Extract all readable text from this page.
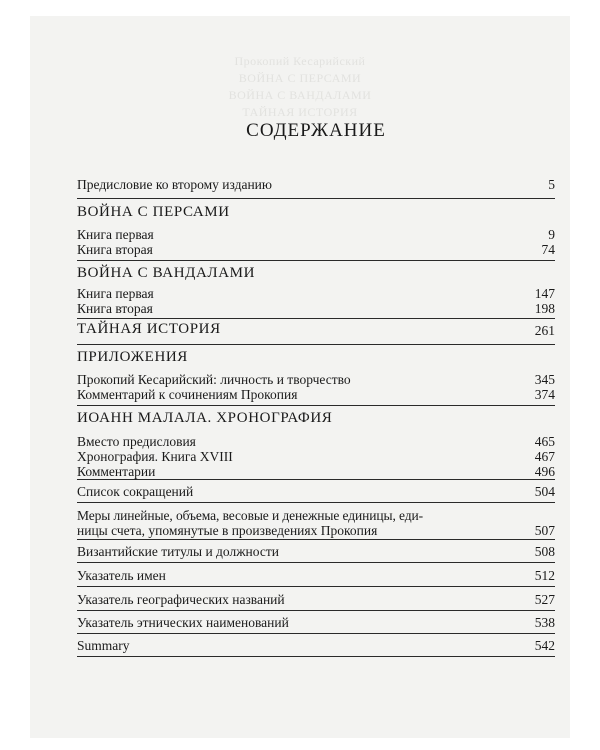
Прокопий Кесарийский
ВОЙНА С ПЕРСАМИ
ВОЙНА С ВАНДАЛАМИ
ТАЙНАЯ ИСТОРИЯ
СОДЕРЖАНИЕ
Предисловие ко второму изданию	5
ВОЙНА С ПЕРСАМИ
Книга первая	9
Книга вторая	74
ВОЙНА С ВАНДАЛАМИ
Книга первая	147
Книга вторая	198
ТАЙНАЯ ИСТОРИЯ	261
ПРИЛОЖЕНИЯ
Прокопий Кесарийский: личность и творчество	345
Комментарий к сочинениям Прокопия	374
ИОАНН МАЛАЛА. ХРОНОГРАФИЯ
Вместо предисловия	465
Хронография. Книга XVIII	467
Комментарии	496
Список сокращений	504
Меры линейные, объема, весовые и денежные единицы, еди-
ницы счета, упомянутые в произведениях Прокопия	507
Византийские титулы и должности	508
Указатель имен	512
Указатель географических названий	527
Указатель этнических наименований	538
Summary	542
